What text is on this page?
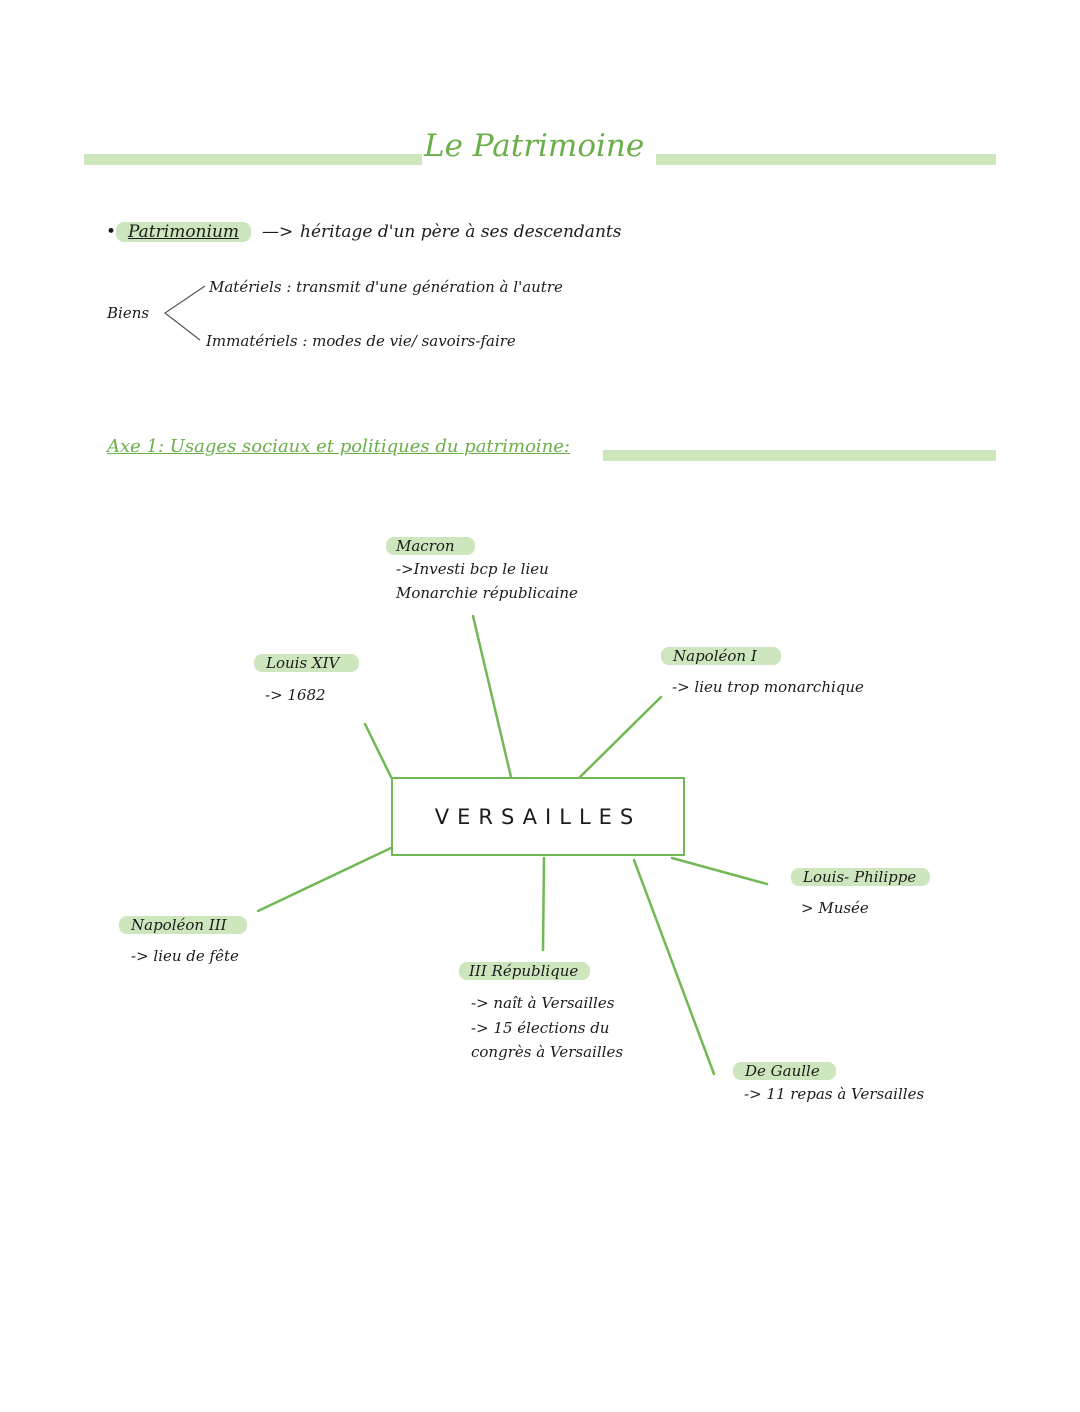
Le Patrimoine
• Patrimonium	—> héritage d'un père à ses descendants
Biens
Matériels : transmit d'une génération à l'autre
Immatériels : modes de vie/ savoirs-faire
Axe 1: Usages sociaux et politiques du patrimoine:
VERSAILLES
Macron
->Investi bcp le lieu
Monarchie républicaine
Louis XIV
-> 1682
Napoléon I
-> lieu trop monarchique
Louis- Philippe
> Musée
Napoléon III
-> lieu de fête
III République
-> naît à Versailles
-> 15 élections du
congrès à Versailles
De Gaulle
-> 11 repas à Versailles
